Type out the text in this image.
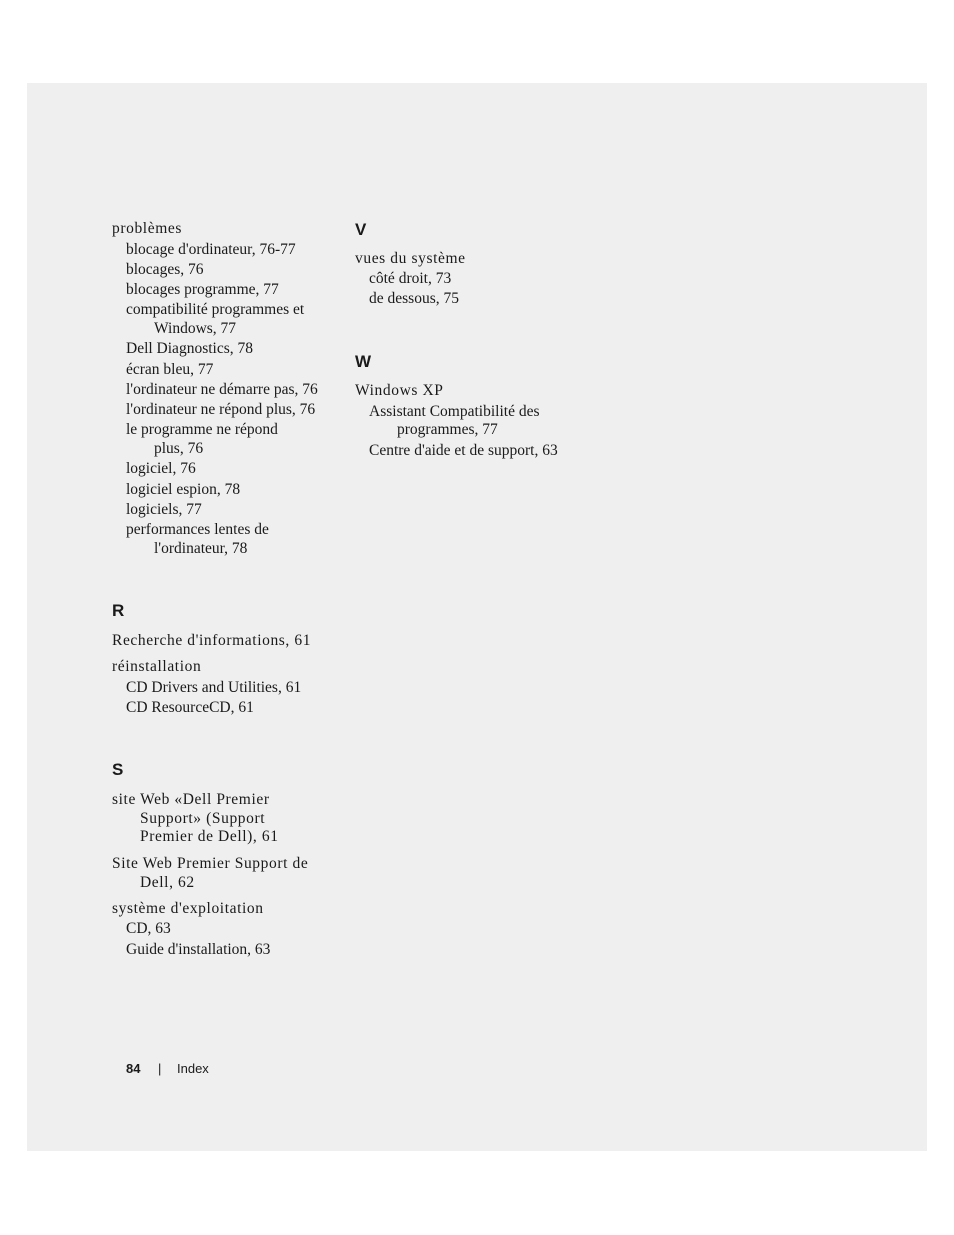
problèmes
blocage d'ordinateur, 76-77
blocages, 76
blocages programme, 77
compatibilité programmes et
Windows, 77
Dell Diagnostics, 78
écran bleu, 77
l'ordinateur ne démarre pas, 76
l'ordinateur ne répond plus, 76
le programme ne répond
plus, 76
logiciel, 76
logiciel espion, 78
logiciels, 77
performances lentes de
l'ordinateur, 78
R
Recherche d'informations, 61
réinstallation
CD Drivers and Utilities, 61
CD ResourceCD, 61
S
site Web «Dell Premier
Support» (Support
Premier de Dell), 61
Site Web Premier Support de
Dell, 62
système d'exploitation
CD, 63
Guide d'installation, 63
V
vues du système
côté droit, 73
de dessous, 75
W
Windows XP
Assistant Compatibilité des
programmes, 77
Centre d'aide et de support, 63
84 | Index
